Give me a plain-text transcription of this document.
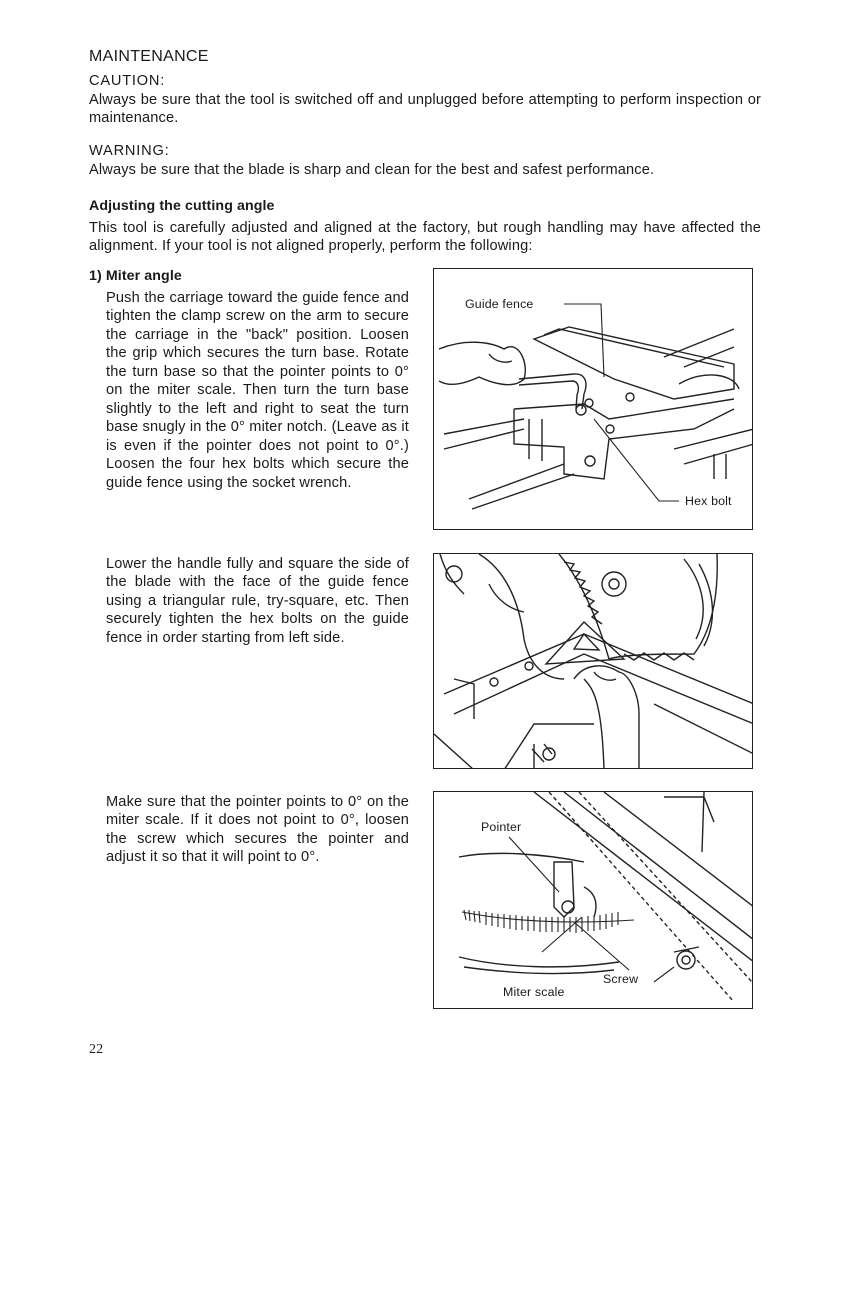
MAINTENANCE
CAUTION:
Always be sure that the tool is switched off and unplugged before attempting to perform inspection or maintenance.
WARNING:
Always be sure that the blade is sharp and clean for the best and safest performance.
Adjusting the cutting angle
This tool is carefully adjusted and aligned at the factory, but rough handling may have affected the alignment. If your tool is not aligned properly, perform the following:
1) Miter angle
Push the carriage toward the guide fence and tighten the clamp screw on the arm to secure the carriage in the "back" position. Loosen the grip which secures the turn base. Rotate the turn base so that the pointer points to 0° on the miter scale. Then turn the turn base slightly to the left and right to seat the turn base snugly in the 0° miter notch. (Leave as it is even if the pointer does not point to 0°.) Loosen the four hex bolts which secure the guide fence using the socket wrench.
Lower the handle fully and square the side of the blade with the face of the guide fence using a triangular rule, try-square, etc. Then securely tighten the hex bolts on the guide fence in order starting from left side.
Make sure that the pointer points to 0° on the miter scale. If it does not point to 0°, loosen the screw which secures the pointer and adjust it so that it will point to 0°.
Guide fence
Hex bolt
Pointer
Screw
Miter scale
22
